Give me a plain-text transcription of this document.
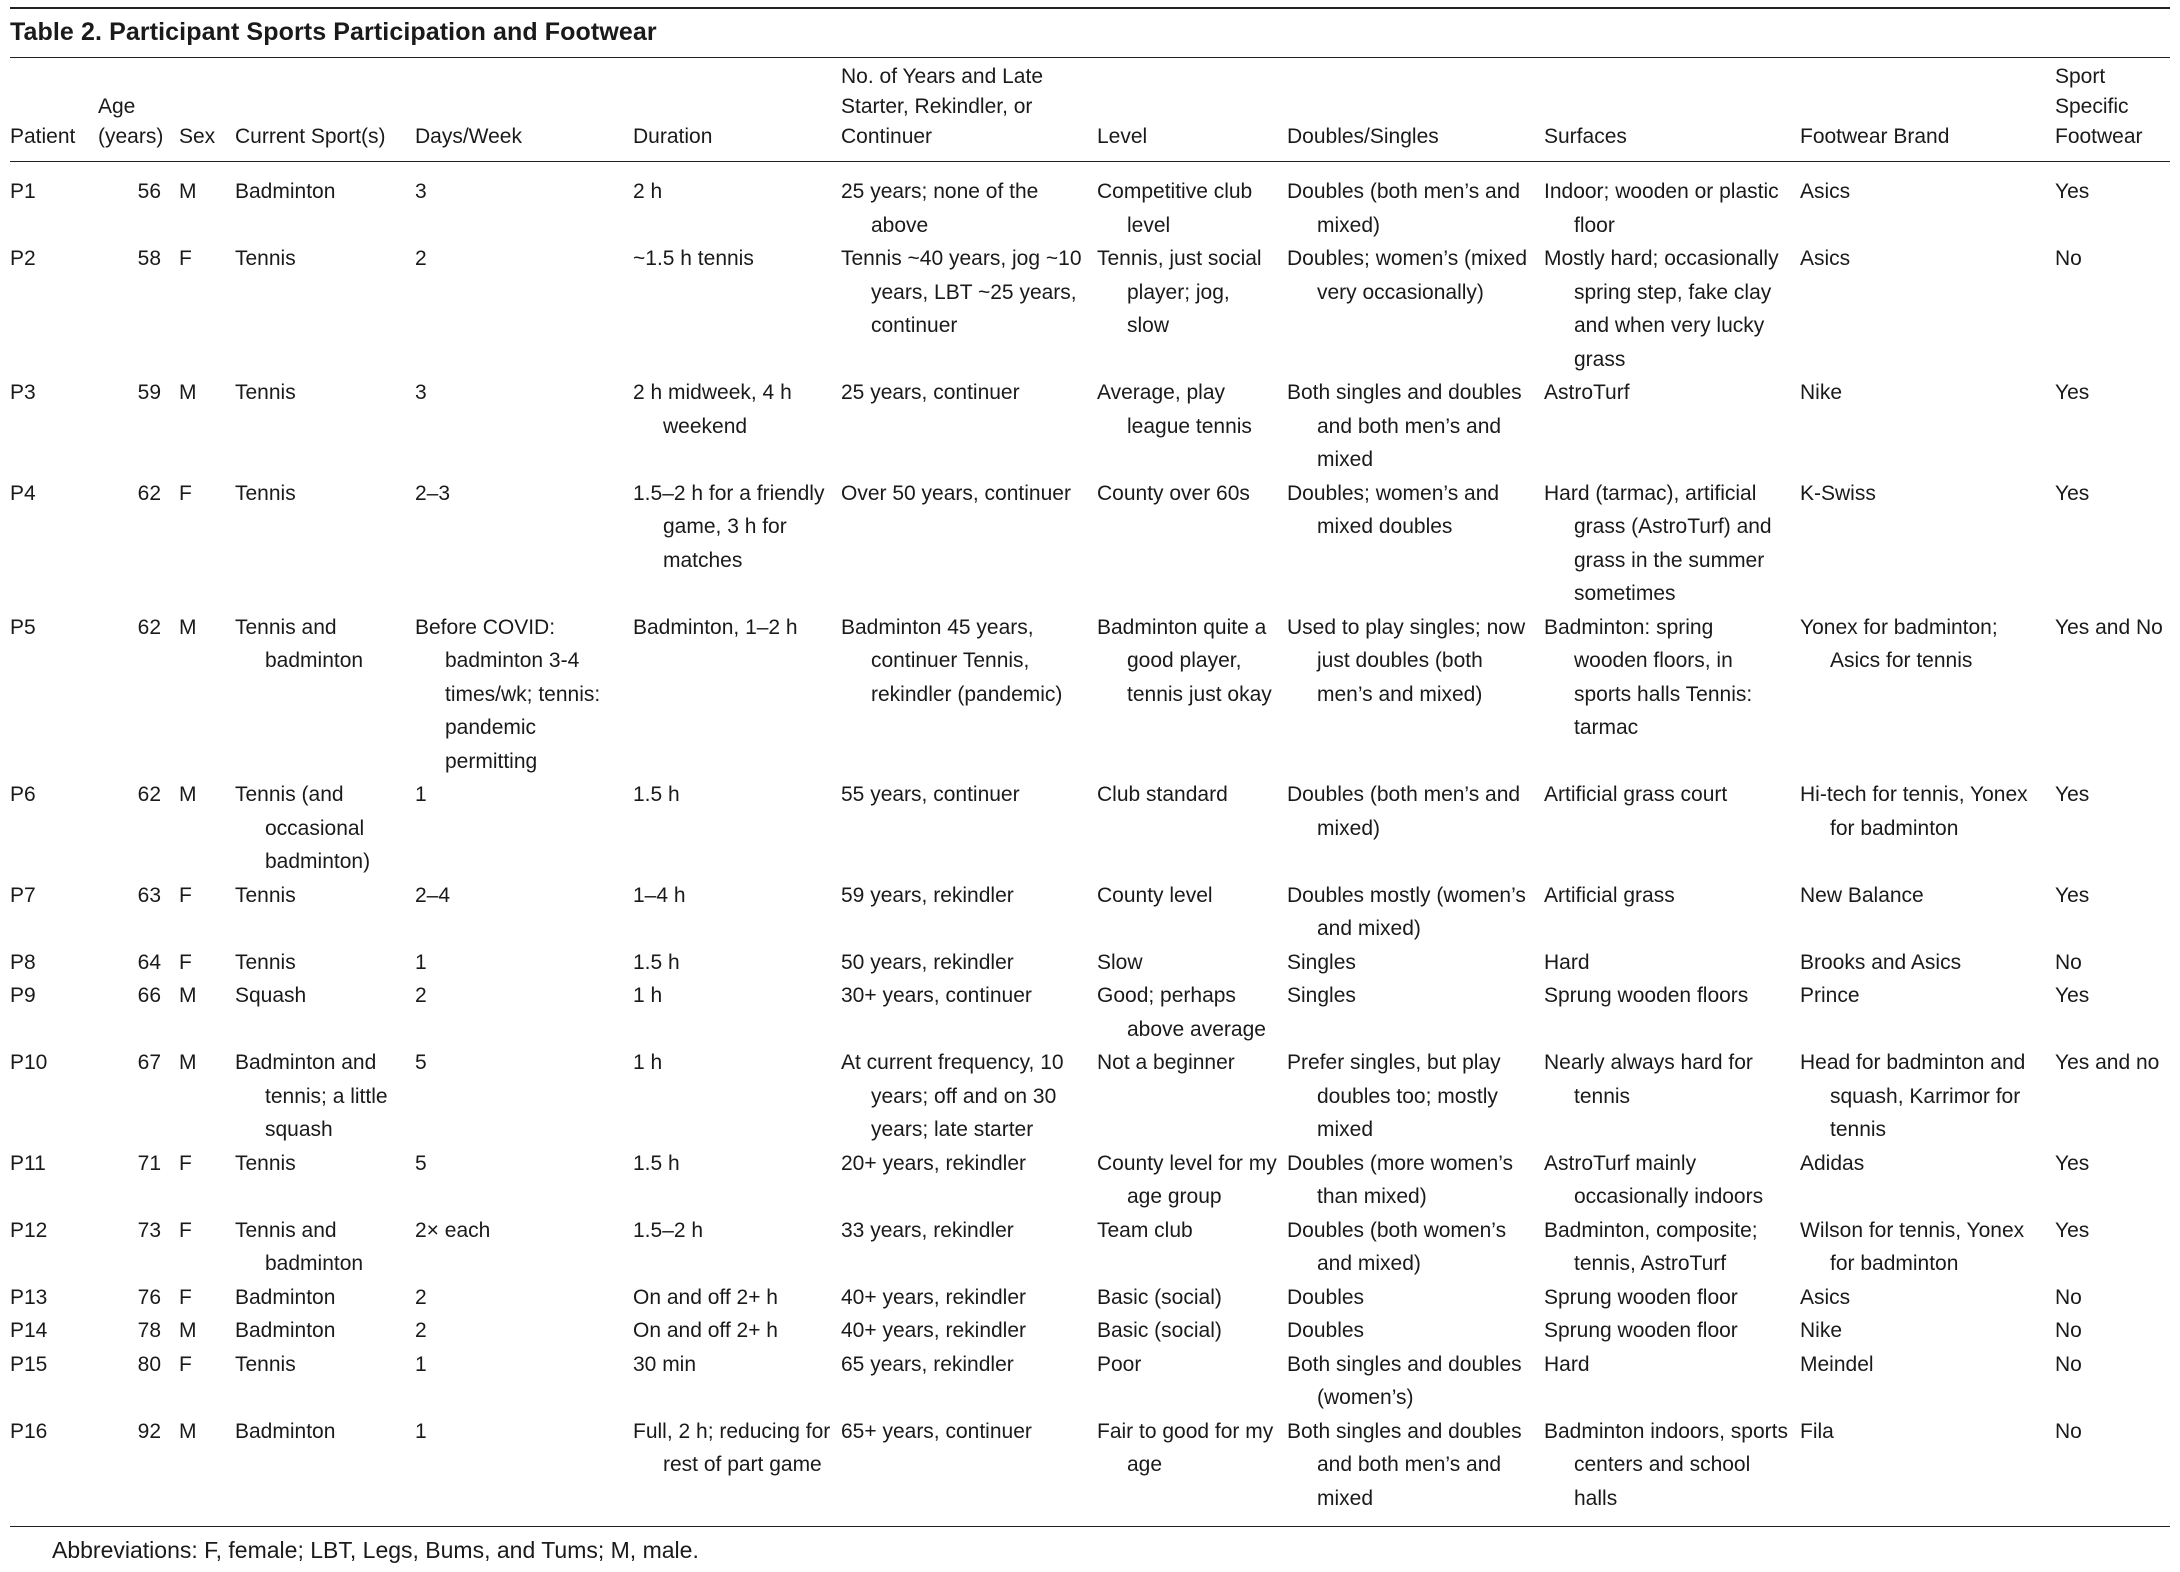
Table 2. Participant Sports Participation and Footwear
Patient	Age (years)	Sex	Current Sport(s)	Days/Week	Duration	No. of Years and Late Starter, Rekindler, or Continuer	Level	Doubles/Singles	Surfaces	Footwear Brand	Sport Specific Footwear
P1	56	M	Badminton	3	2 h	25 years; none of the above	Competitive club level	Doubles (both men’s and mixed)	Indoor; wooden or plastic floor	Asics	Yes
P2	58	F	Tennis	2	~1.5 h tennis	Tennis ~40 years, jog ~10 years, LBT ~25 years, continuer	Tennis, just social player; jog, slow	Doubles; women’s (mixed very occasionally)	Mostly hard; occasionally spring step, fake clay and when very lucky grass	Asics	No
P3	59	M	Tennis	3	2 h midweek, 4 h weekend	25 years, continuer	Average, play league tennis	Both singles and doubles and both men’s and mixed	AstroTurf	Nike	Yes
P4	62	F	Tennis	2–3	1.5–2 h for a friendly game, 3 h for matches	Over 50 years, continuer	County over 60s	Doubles; women’s and mixed doubles	Hard (tarmac), artificial grass (AstroTurf) and grass in the summer sometimes	K-Swiss	Yes
P5	62	M	Tennis and badminton	Before COVID: badminton 3-4 times/wk; tennis: pandemic permitting	Badminton, 1–2 h	Badminton 45 years, continuer Tennis, rekindler (pandemic)	Badminton quite a good player, tennis just okay	Used to play singles; now just doubles (both men’s and mixed)	Badminton: spring wooden floors, in sports halls Tennis: tarmac	Yonex for badminton; Asics for tennis	Yes and No
P6	62	M	Tennis (and occasional badminton)	1	1.5 h	55 years, continuer	Club standard	Doubles (both men’s and mixed)	Artificial grass court	Hi-tech for tennis, Yonex for badminton	Yes
P7	63	F	Tennis	2–4	1–4 h	59 years, rekindler	County level	Doubles mostly (women’s and mixed)	Artificial grass	New Balance	Yes
P8	64	F	Tennis	1	1.5 h	50 years, rekindler	Slow	Singles	Hard	Brooks and Asics	No
P9	66	M	Squash	2	1 h	30+ years, continuer	Good; perhaps above average	Singles	Sprung wooden floors	Prince	Yes
P10	67	M	Badminton and tennis; a little squash	5	1 h	At current frequency, 10 years; off and on 30 years; late starter	Not a beginner	Prefer singles, but play doubles too; mostly mixed	Nearly always hard for tennis	Head for badminton and squash, Karrimor for tennis	Yes and no
P11	71	F	Tennis	5	1.5 h	20+ years, rekindler	County level for my age group	Doubles (more women’s than mixed)	AstroTurf mainly occasionally indoors	Adidas	Yes
P12	73	F	Tennis and badminton	2× each	1.5–2 h	33 years, rekindler	Team club	Doubles (both women’s and mixed)	Badminton, composite; tennis, AstroTurf	Wilson for tennis, Yonex for badminton	Yes
P13	76	F	Badminton	2	On and off 2+ h	40+ years, rekindler	Basic (social)	Doubles	Sprung wooden floor	Asics	No
P14	78	M	Badminton	2	On and off 2+ h	40+ years, rekindler	Basic (social)	Doubles	Sprung wooden floor	Nike	No
P15	80	F	Tennis	1	30 min	65 years, rekindler	Poor	Both singles and doubles (women’s)	Hard	Meindel	No
P16	92	M	Badminton	1	Full, 2 h; reducing for rest of part game	65+ years, continuer	Fair to good for my age	Both singles and doubles and both men’s and mixed	Badminton indoors, sports centers and school halls	Fila	No
Abbreviations: F, female; LBT, Legs, Bums, and Tums; M, male.
